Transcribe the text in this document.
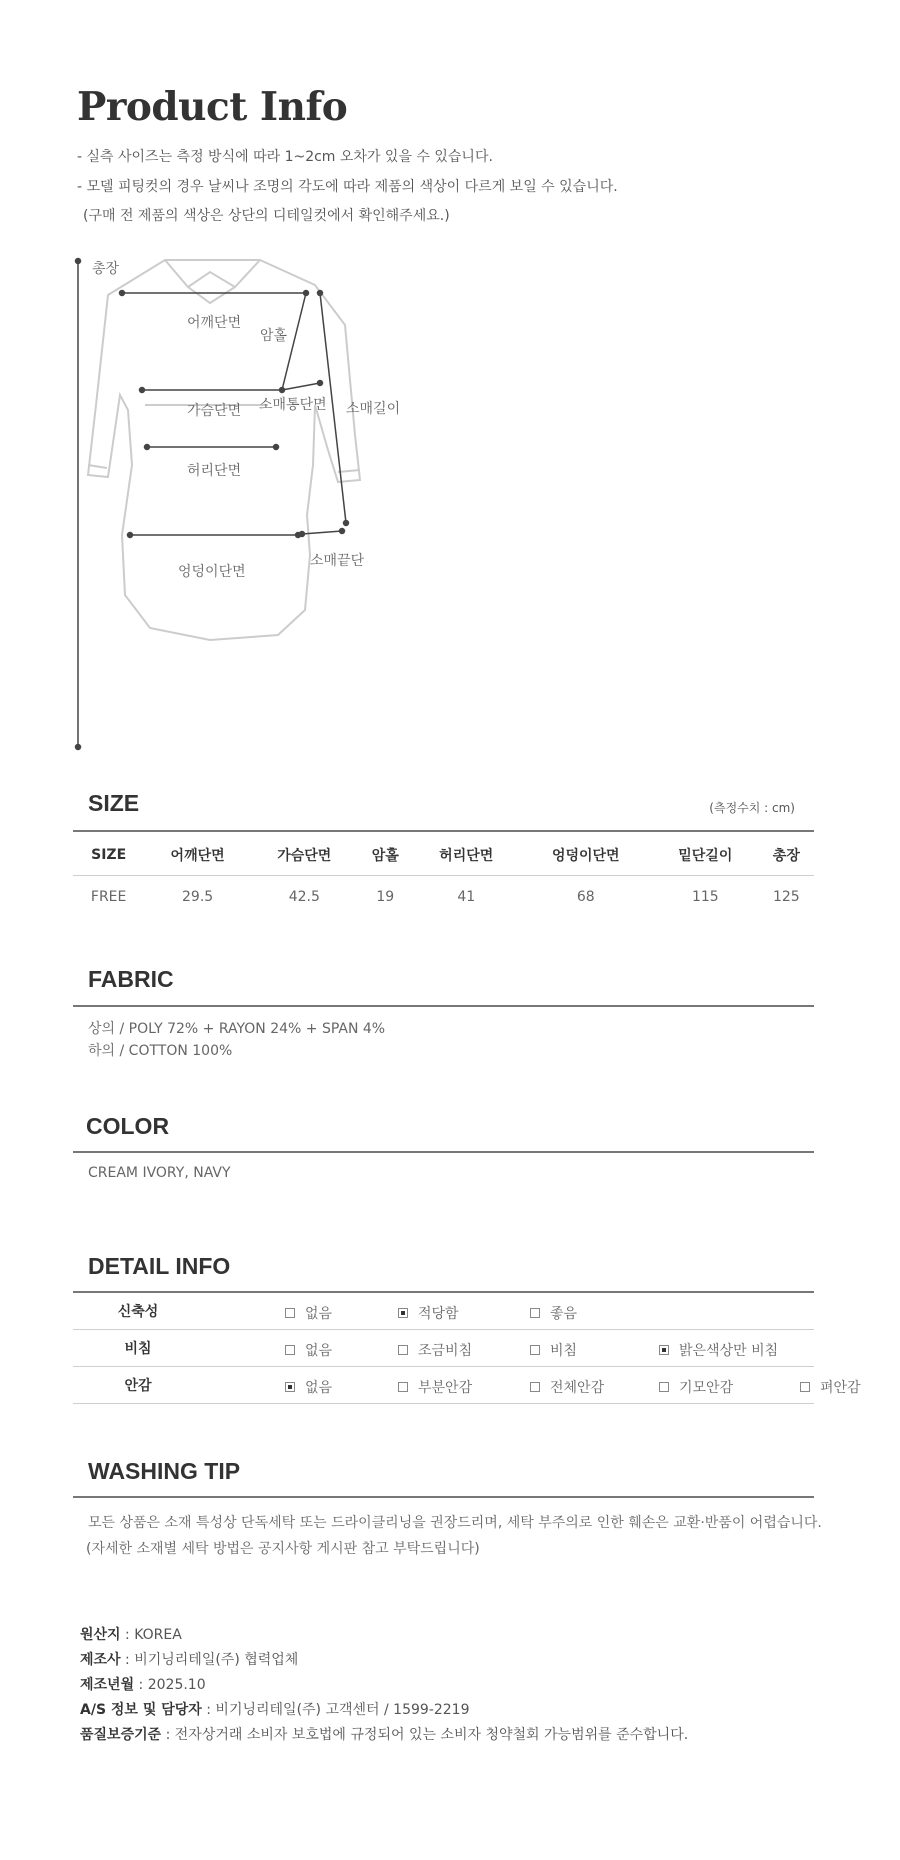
Product Info
- 실측 사이즈는 측정 방식에 따라 1~2cm 오차가 있을 수 있습니다.
- 모델 피팅컷의 경우 날씨나 조명의 각도에 따라 제품의 색상이 다르게 보일 수 있습니다.
(구매 전 제품의 색상은 상단의 디테일컷에서 확인해주세요.)
총장
어깨단면
암홀
가슴단면 소매통단면 소매길이
허리단면
소매끝단
엉덩이단면
SIZE	(측정수치 : cm)
SIZE	어깨단면	가슴단면	암홀	허리단면	엉덩이단면	밑단길이	총장
FREE	29.5	42.5	19	41	68	115	125
FABRIC
상의 / POLY 72% + RAYON 24% + SPAN 4%
하의 / COTTON 100%
COLOR
CREAM IVORY, NAVY
DETAIL INFO
신축성	없음 적당함 좋음

비침	없음 조금비침 비침 밝은색상만 비침

안감	없음 부분안감 전체안감 기모안감 펴안감
WASHING TIP
모든 상품은 소재 특성상 단독세탁 또는 드라이클리닝을 권장드리며, 세탁 부주의로 인한 훼손은 교환·반품이 어렵습니다.
(자세한 소재별 세탁 방법은 공지사항 게시판 참고 부탁드립니다)
원산지 : KOREA
제조사 : 비기닝리테일(주) 협력업체
제조년월 : 2025.10
A/S 정보 및 담당자 : 비기닝리테일(주) 고객센터 / 1599-2219
품질보증기준 : 전자상거래 소비자 보호법에 규정되어 있는 소비자 청약철회 가능범위를 준수합니다.
